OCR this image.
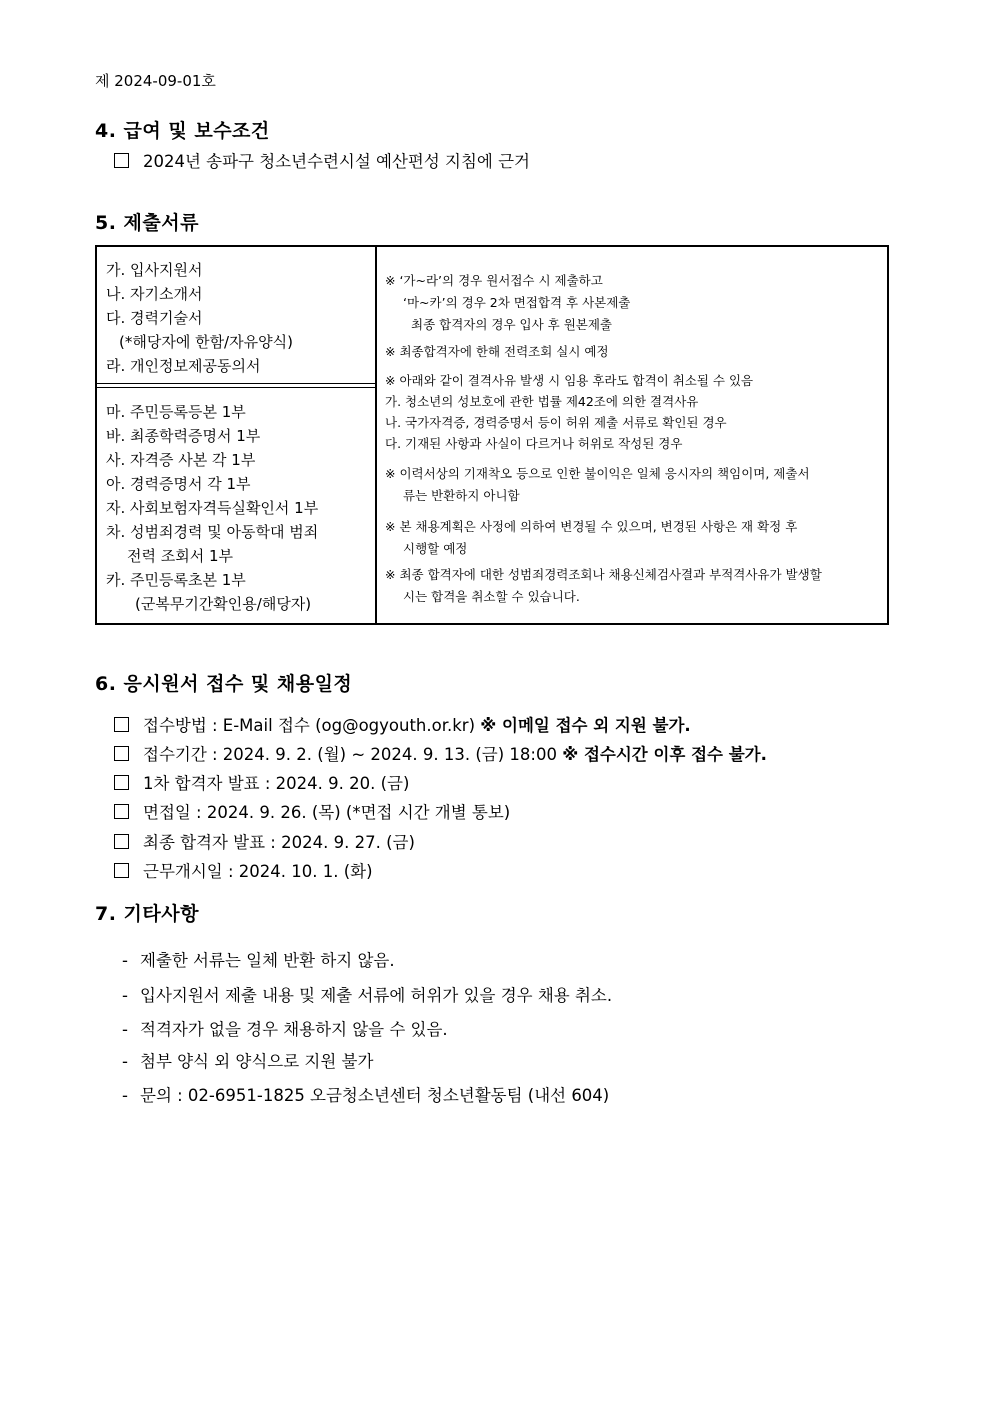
제 2024-09-01호
4. 급여 및 보수조건
2024년 송파구 청소년수련시설 예산편성 지침에 근거
5. 제출서류
가. 입사지원서
나. 자기소개서
다. 경력기술서
(*해당자에 한함/자유양식)
라. 개인정보제공동의서
마. 주민등록등본 1부
바. 최종학력증명서 1부
사. 자격증 사본 각 1부
아. 경력증명서 각 1부
자. 사회보험자격득실확인서 1부
차. 성범죄경력 및 아동학대 범죄
전력 조회서 1부
카. 주민등록초본 1부
(군복무기간확인용/해당자)
※ ‘가~라’의 경우 원서접수 시 제출하고
‘마~카’의 경우 2차 면접합격 후 사본제출
최종 합격자의 경우 입사 후 원본제출
※ 최종합격자에 한해 전력조회 실시 예정
※ 아래와 같이 결격사유 발생 시 임용 후라도 합격이 취소될 수 있음
가. 청소년의 성보호에 관한 법률 제42조에 의한 결격사유
나. 국가자격증, 경력증명서 등이 허위 제출 서류로 확인된 경우
다. 기재된 사항과 사실이 다르거나 허위로 작성된 경우
※ 이력서상의 기재착오 등으로 인한 불이익은 일체 응시자의 책임이며, 제출서
류는 반환하지 아니함
※ 본 채용계획은 사정에 의하여 변경될 수 있으며, 변경된 사항은 재 확정 후
시행할 예정
※ 최종 합격자에 대한 성범죄경력조회나 채용신체검사결과 부적격사유가 발생할
시는 합격을 취소할 수 있습니다.
6. 응시원서 접수 및 채용일정
접수방법 : E-Mail 접수 (og@ogyouth.or.kr) ※ 이메일 접수 외 지원 불가.
접수기간 : 2024. 9. 2. (월) ~ 2024. 9. 13. (금) 18:00 ※ 접수시간 이후 접수 불가.
1차 합격자 발표 : 2024. 9. 20. (금)
면접일 : 2024. 9. 26. (목) (*면접 시간 개별 통보)
최종 합격자 발표 : 2024. 9. 27. (금)
근무개시일 : 2024. 10. 1. (화)
7. 기타사항
- 제출한 서류는 일체 반환 하지 않음.
- 입사지원서 제출 내용 및 제출 서류에 허위가 있을 경우 채용 취소.
- 적격자가 없을 경우 채용하지 않을 수 있음.
- 첨부 양식 외 양식으로 지원 불가
- 문의 : 02-6951-1825 오금청소년센터 청소년활동팀 (내선 604)
